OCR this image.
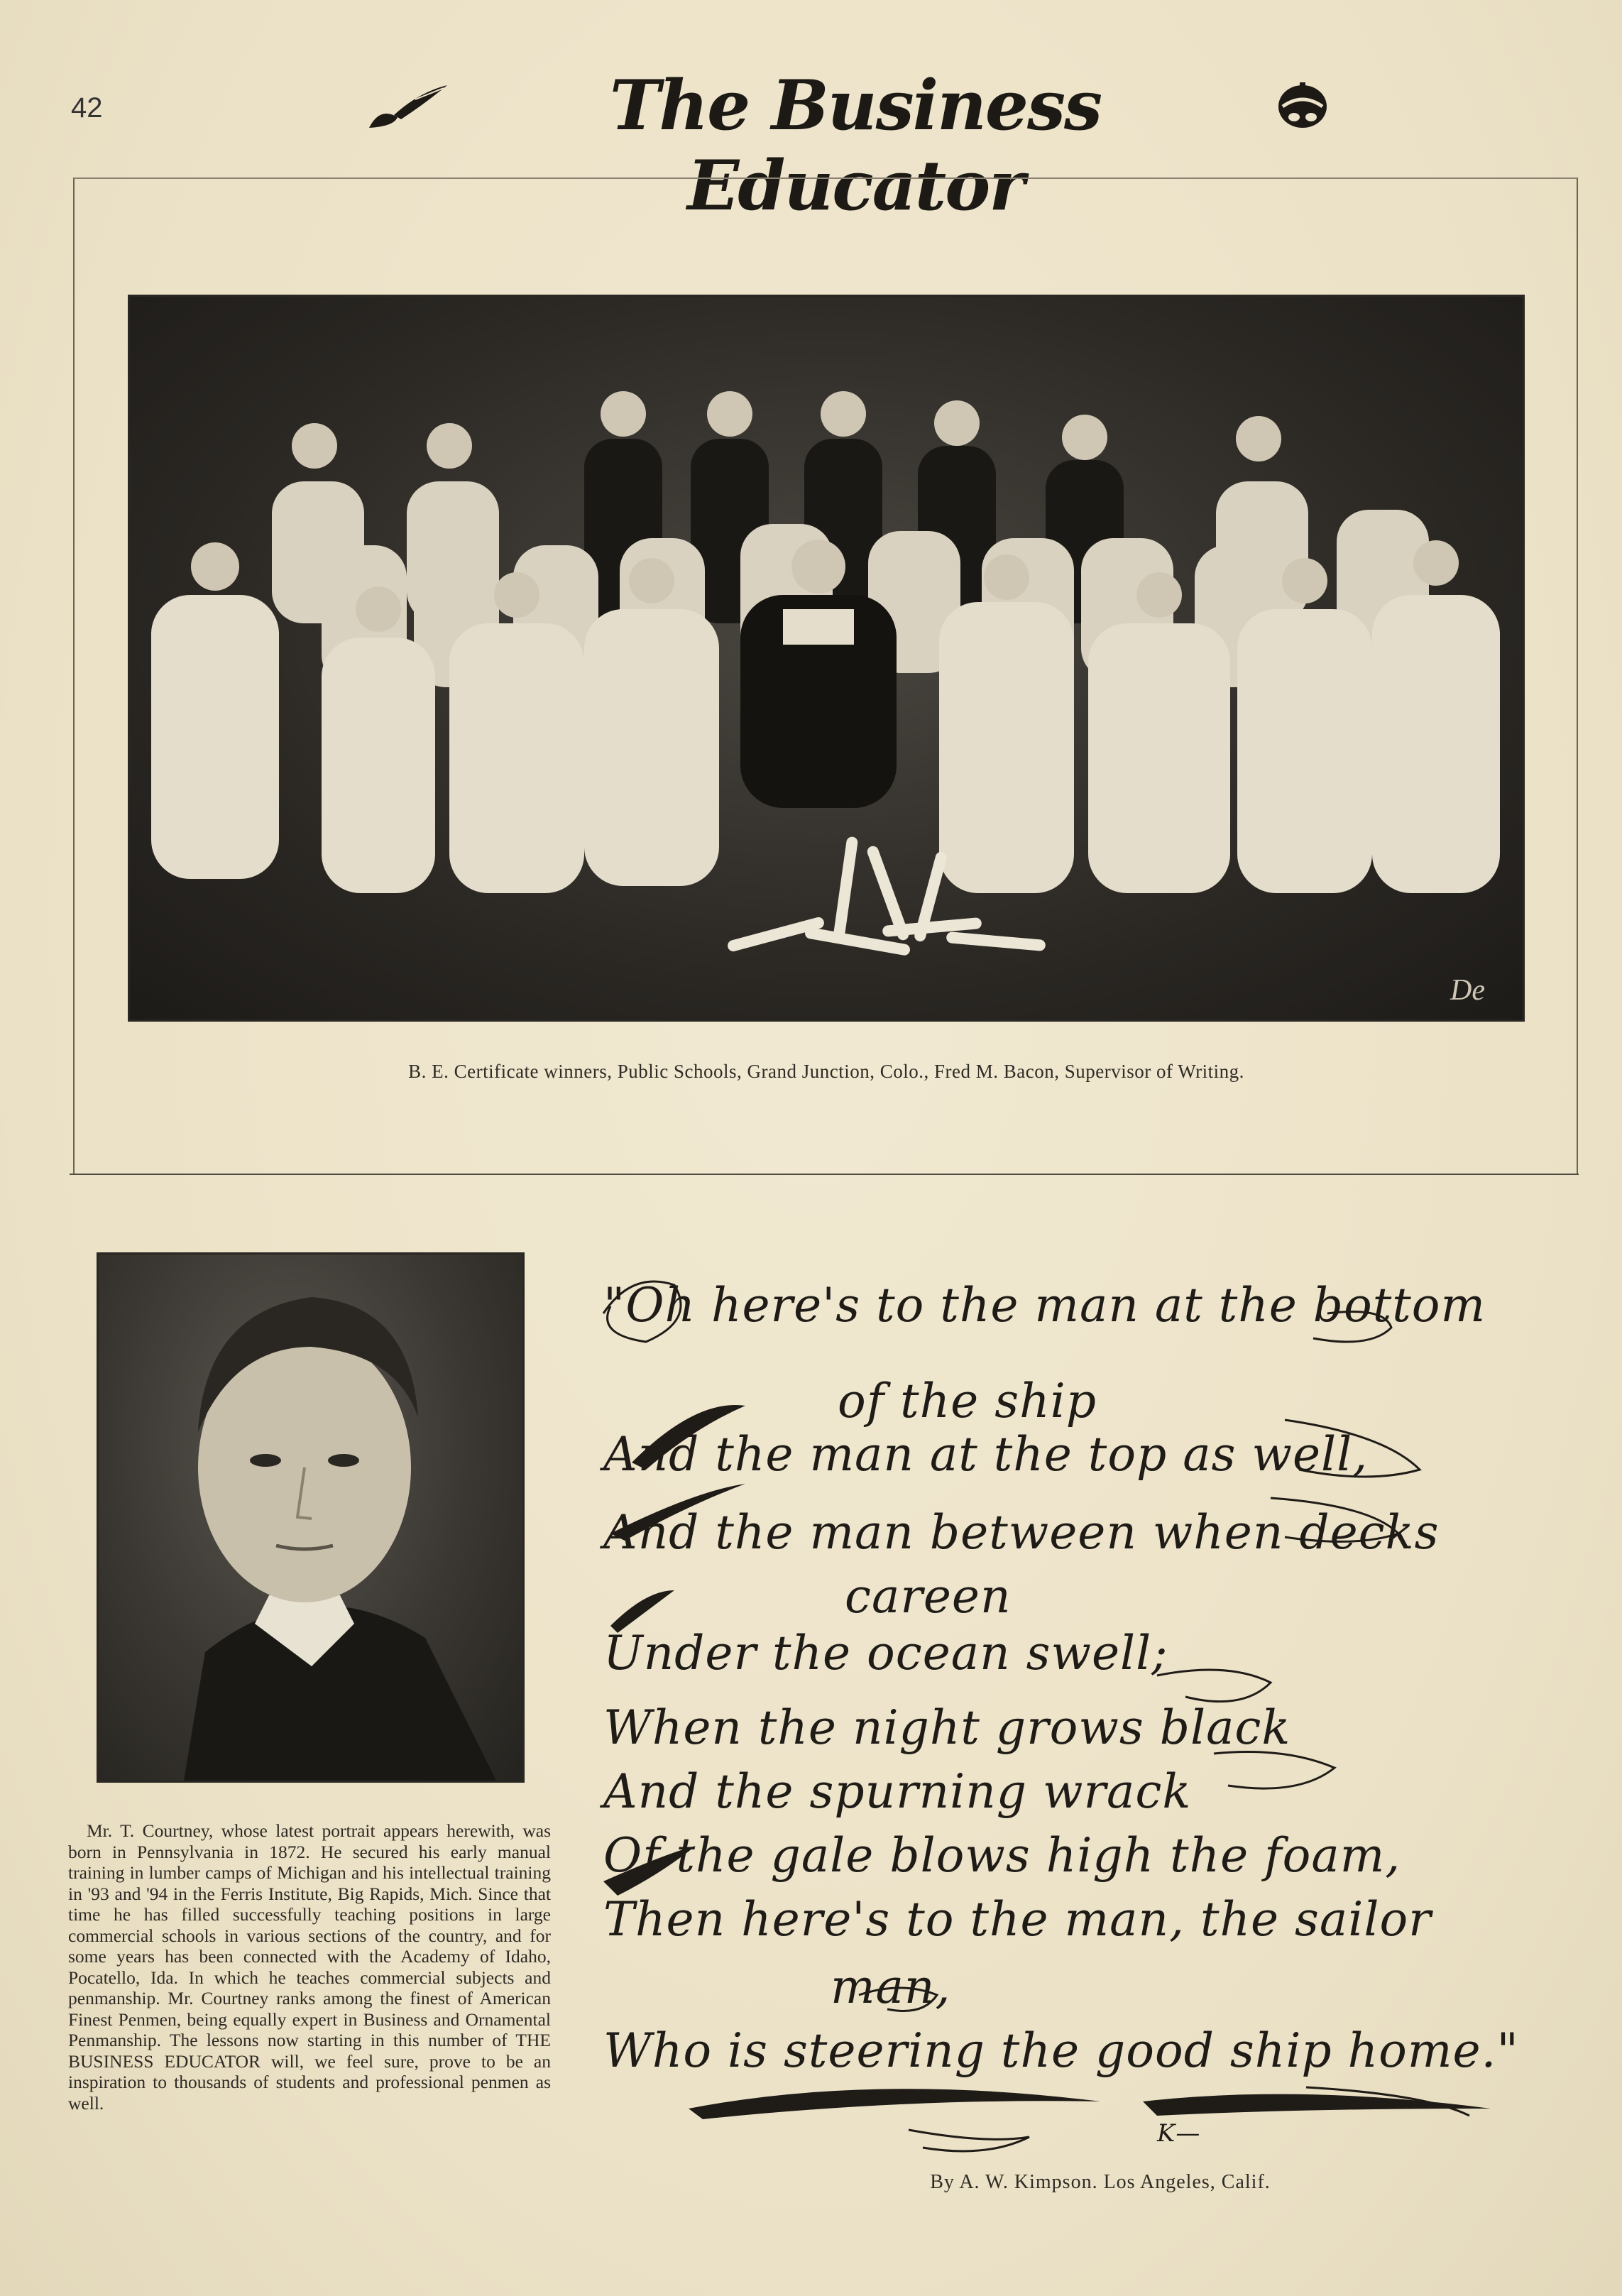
42	The Business Educator
De
B. E. Certificate winners, Public Schools, Grand Junction, Colo., Fred M. Bacon, Supervisor of Writing.
Mr. T. Courtney, whose latest portrait appears herewith, was born in Pennsylvania in 1872. He secured his early manual training in lumber camps of Michigan and his intellectual training in '93 and '94 in the Ferris Institute, Big Rapids, Mich. Since that time he has filled successfully teaching positions in large commercial schools in various sections of the country, and for some years has been connected with the Academy of Idaho, Pocatello, Ida. In which he teaches commercial subjects and penmanship. Mr. Courtney ranks among the finest of American Finest Penmen, being equally expert in Business and Ornamental Penmanship. The lessons now starting in this number of THE BUSINESS EDUCATOR will, we feel sure, prove to be an inspiration to thousands of students and professional penmen as well.
"Oh here's to the man at the bottom
of the ship
And the man at the top as well,
And the man between when decks
careen
Under the ocean swell;
When the night grows black
And the spurning wrack
Of the gale blows high the foam,
Then here's to the man, the sailor
man,
Who is steering the good ship home."
K—
By A. W. Kimpson. Los Angeles, Calif.
